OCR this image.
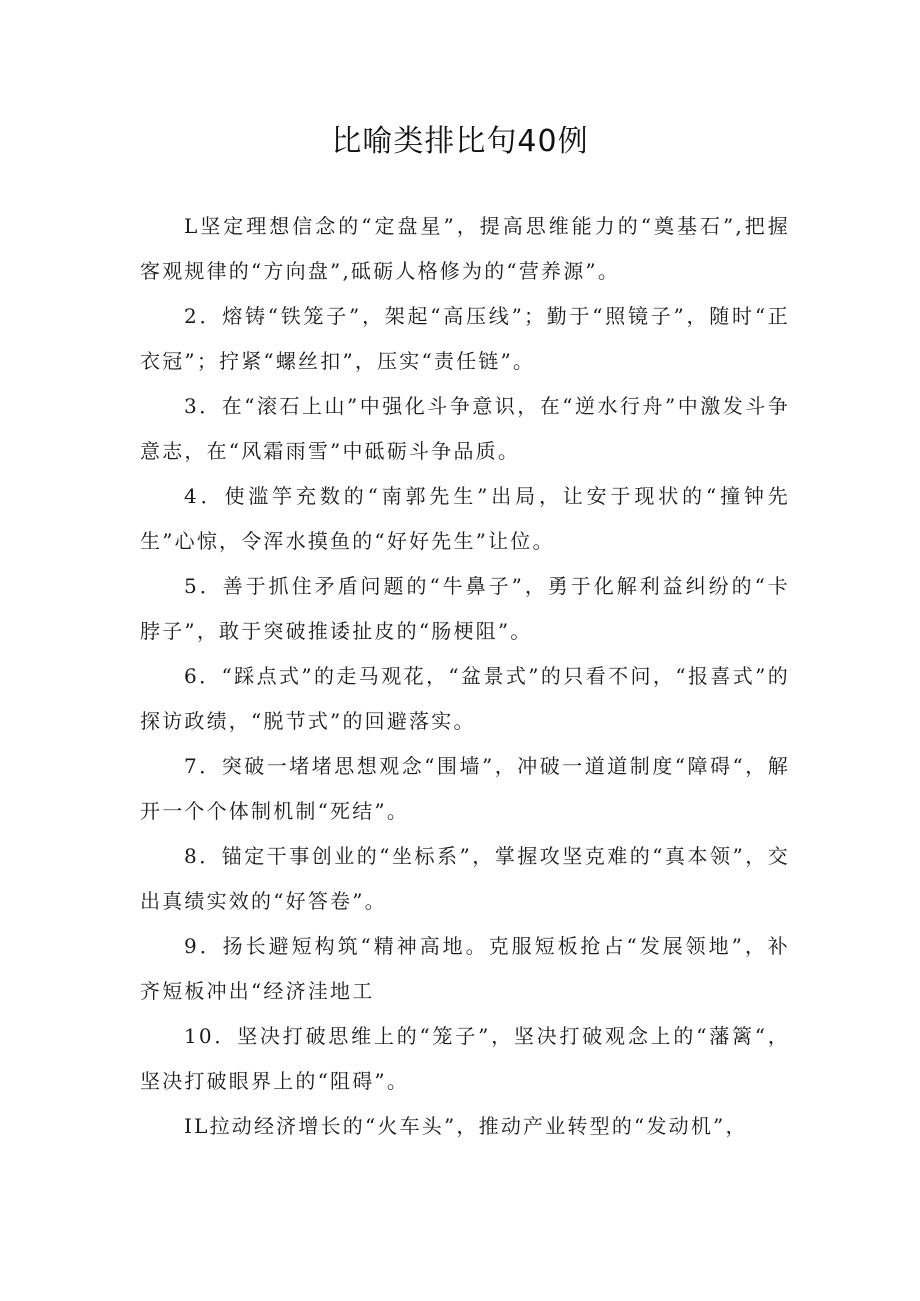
比喻类排比句40例

L坚定理想信念的“定盘星”，提高思维能力的“奠基石”,把握客观规律的“方向盘”,砥砺人格修为的“营养源”。

2．熔铸“铁笼子”，架起“高压线”；勤于“照镜子”，随时“正衣冠”；拧紧“螺丝扣”，压实“责任链”。

3．在“滚石上山”中强化斗争意识，在“逆水行舟”中激发斗争意志，在“风霜雨雪”中砥砺斗争品质。

4．使滥竽充数的“南郭先生”出局，让安于现状的“撞钟先生”心惊，令浑水摸鱼的“好好先生”让位。

5．善于抓住矛盾问题的“牛鼻子”，勇于化解利益纠纷的“卡脖子”，敢于突破推诿扯皮的“肠梗阻”。

6．“踩点式”的走马观花，“盆景式”的只看不问，“报喜式”的探访政绩，“脱节式”的回避落实。

7．突破一堵堵思想观念“围墙”，冲破一道道制度“障碍“，解开一个个体制机制“死结”。

8．锚定干事创业的“坐标系”，掌握攻坚克难的“真本领”，交出真绩实效的“好答卷”。

9．扬长避短构筑“精神高地。克服短板抢占“发展领地”，补齐短板冲出“经济洼地工

10．坚决打破思维上的“笼子”，坚决打破观念上的“藩篱“，坚决打破眼界上的“阻碍”。

IL拉动经济增长的“火车头”，推动产业转型的“发动机”，
